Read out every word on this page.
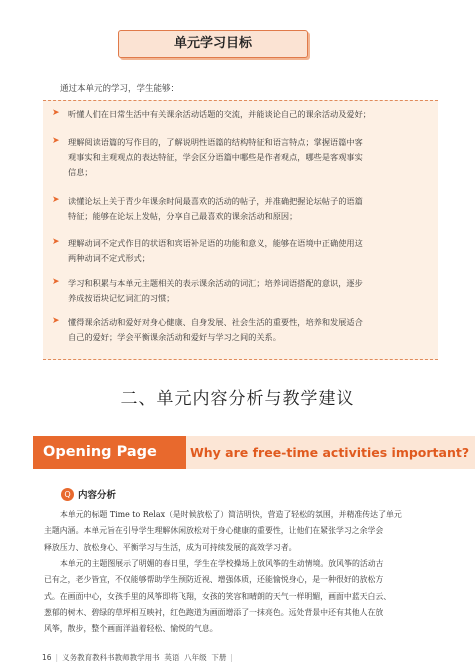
单元学习目标
通过本单元的学习，学生能够：
➤	听懂人们在日常生活中有关课余活动话题的交流，并能谈论自己的课余活动及爱好；
➤	理解阅读语篇的写作目的，了解说明性语篇的结构特征和语言特点；掌握语篇中客
观事实和主观观点的表达特征，学会区分语篇中哪些是作者观点，哪些是客观事实
信息；
➤	读懂论坛上关于青少年课余时间最喜欢的活动的帖子，并准确把握论坛帖子的语篇
特征；能够在论坛上发帖，分享自己最喜欢的课余活动和原因；
➤	理解动词不定式作目的状语和宾语补足语的功能和意义，能够在语境中正确使用这
两种动词不定式形式；
➤	学习和积累与本单元主题相关的表示课余活动的词汇；培养词语搭配的意识，逐步
养成按语块记忆词汇的习惯；
➤	懂得课余活动和爱好对身心健康、自身发展、社会生活的重要性，培养和发展适合
自己的爱好；学会平衡课余活动和爱好与学习之间的关系。
二、单元内容分析与教学建议
Opening Page	Why are free-time activities important?
Q 内容分析
本单元的标题 Time to Relax（是时候放松了）简洁明快，营造了轻松的氛围，并精准传达了单元
主题内涵。本单元旨在引导学生理解休闲放松对于身心健康的重要性，让他们在紧张学习之余学会
释放压力、放松身心、平衡学习与生活，成为可持续发展的高效学习者。
本单元的主题图展示了明媚的春日里，学生在学校操场上放风筝的生动情境。放风筝的活动古
已有之，老少皆宜，不仅能够帮助学生预防近视、增强体质，还能愉悦身心，是一种很好的放松方
式。在画面中心，女孩手里的风筝即将飞翔，女孩的笑容和晴朗的天气一样明媚，画面中蓝天白云、
葱郁的树木、碧绿的草坪相互映衬，红色跑道为画面增添了一抹亮色。远处背景中还有其他人在放
风筝，散步，整个画面洋溢着轻松、愉悦的气息。
16 | 义务教育教科书教师教学用书 英语 八年级 下册 |
